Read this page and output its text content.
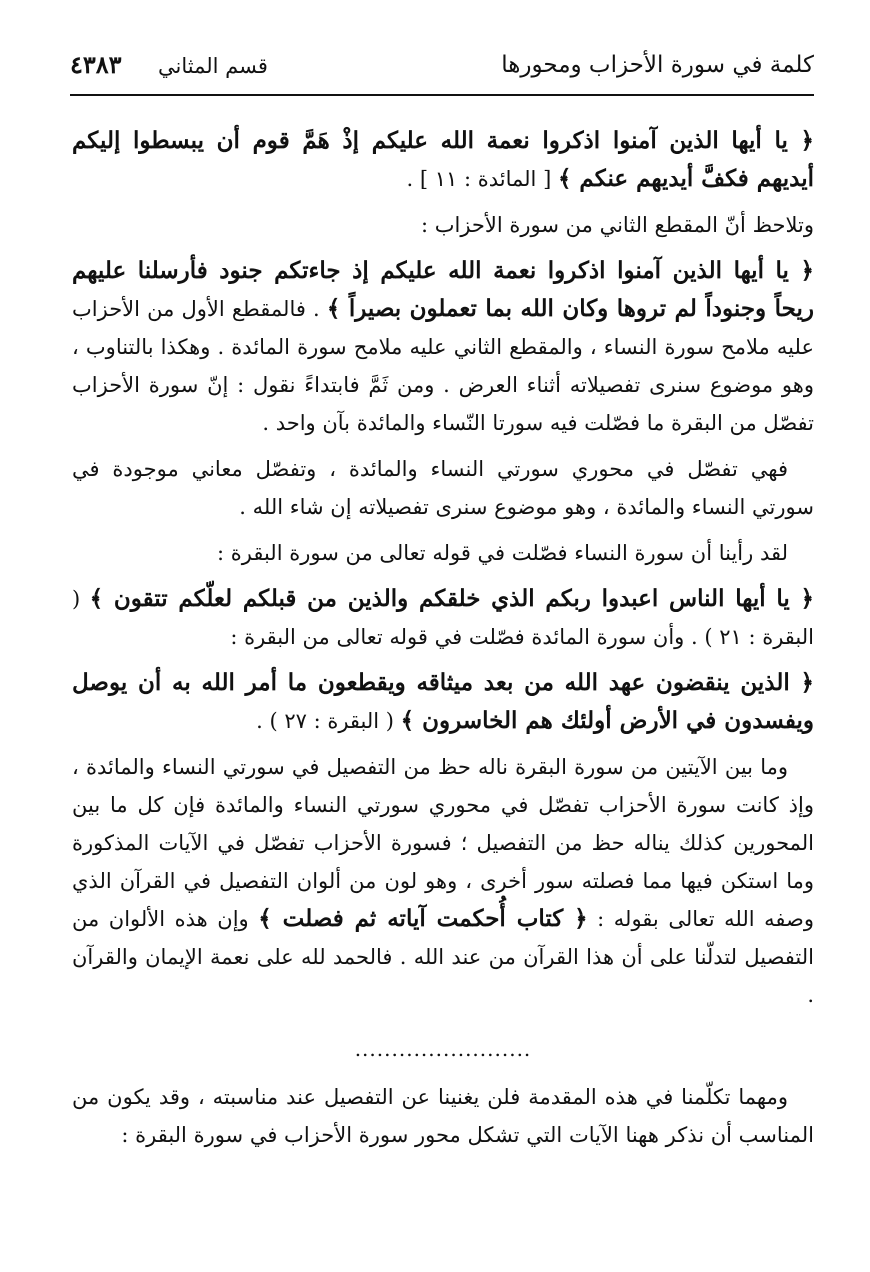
كلمة في سورة الأحزاب ومحورها
قسم المثاني
٤٣٨٣

﴿ يا أيها الذين آمنوا اذكروا نعمة الله عليكم إذْ هَمَّ قوم أن يبسطوا إليكم أيديهم فكفَّ أيديهم عنكم ﴾ [ المائدة : ١١ ] .

وتلاحظ أنّ المقطع الثاني من سورة الأحزاب :

﴿ يا أيها الذين آمنوا اذكروا نعمة الله عليكم إذ جاءتكم جنود فأرسلنا عليهم ريحاً وجنوداً لم تروها وكان الله بما تعملون بصيراً ﴾ . فالمقطع الأول من الأحزاب عليه ملامح سورة النساء ، والمقطع الثاني عليه ملامح سورة المائدة . وهكذا بالتناوب ، وهو موضوع سنرى تفصيلاته أثناء العرض . ومن ثَمَّ فابتداءً نقول : إنّ سورة الأحزاب تفصّل من البقرة ما فصّلت فيه سورتا النّساء والمائدة بآن واحد .

فهي تفصّل في محوري سورتي النساء والمائدة ، وتفصّل معاني موجودة في سورتي النساء والمائدة ، وهو موضوع سنرى تفصيلاته إن شاء الله .

لقد رأينا أن سورة النساء فصّلت في قوله تعالى من سورة البقرة :

﴿ يا أيها الناس اعبدوا ربكم الذي خلقكم والذين من قبلكم لعلّكم تتقون ﴾ ( البقرة : ٢١ ) . وأن سورة المائدة فصّلت في قوله تعالى من البقرة :

﴿ الذين ينقضون عهد الله من بعد ميثاقه ويقطعون ما أمر الله به أن يوصل ويفسدون في الأرض أولئك هم الخاسرون ﴾ ( البقرة : ٢٧ ) .

وما بين الآيتين من سورة البقرة ناله حظ من التفصيل في سورتي النساء والمائدة ، وإذ كانت سورة الأحزاب تفصّل في محوري سورتي النساء والمائدة فإن كل ما بين المحورين كذلك يناله حظ من التفصيل ؛ فسورة الأحزاب تفصّل في الآيات المذكورة وما استكن فيها مما فصلته سور أخرى ، وهو لون من ألوان التفصيل في القرآن الذي وصفه الله تعالى بقوله : ﴿ كتاب أُحكمت آياته ثم فصلت ﴾ وإن هذه الألوان من التفصيل لتدلّنا على أن هذا القرآن من عند الله . فالحمد لله على نعمة الإيمان والقرآن .

........................

ومهما تكلّمنا في هذه المقدمة فلن يغنينا عن التفصيل عند مناسبته ، وقد يكون من المناسب أن نذكر ههنا الآيات التي تشكل محور سورة الأحزاب في سورة البقرة :
